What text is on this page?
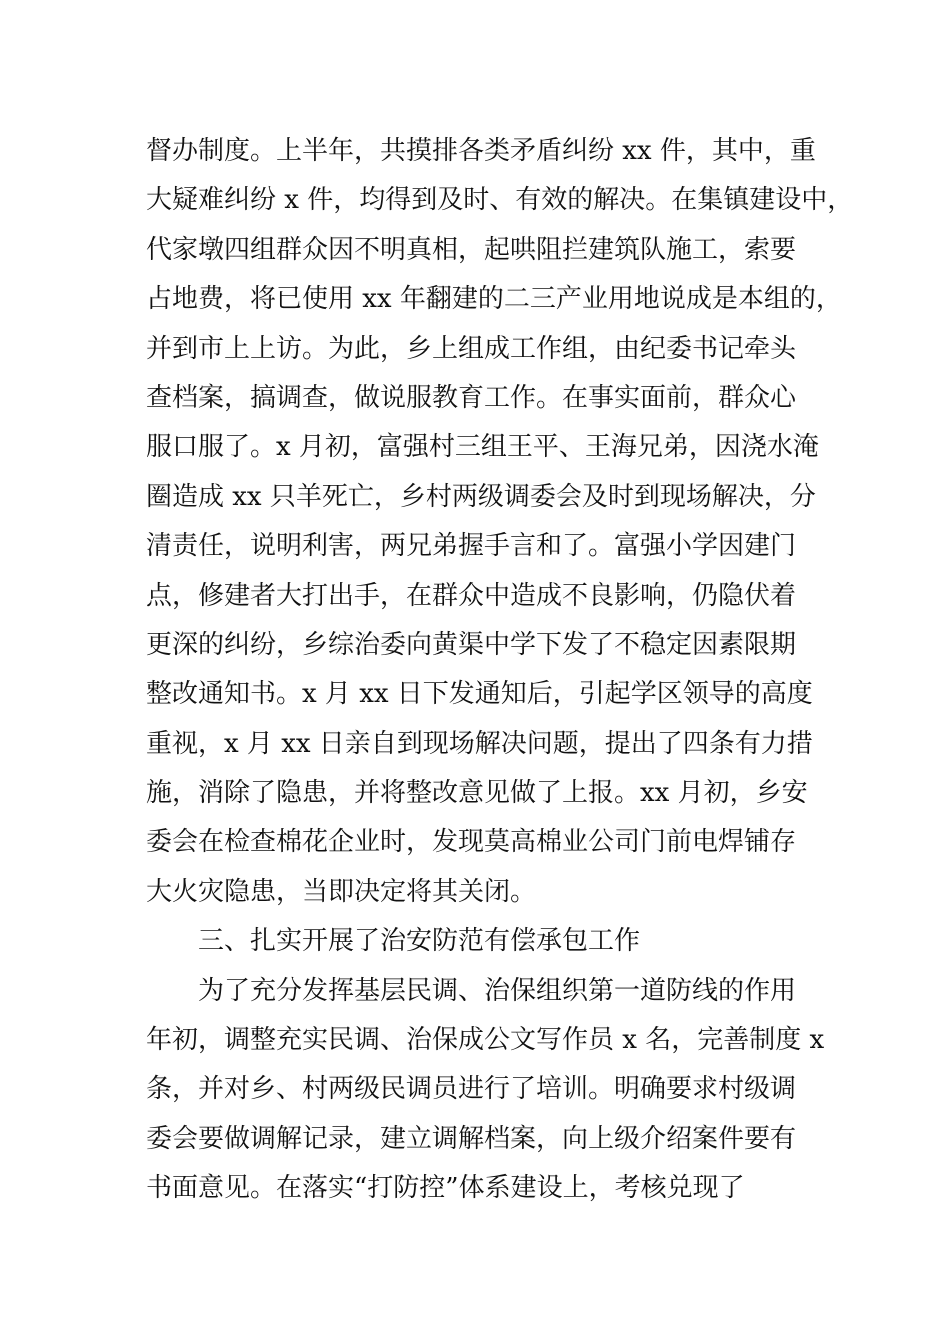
督办制度。上半年，共摸排各类矛盾纠纷 xx 件，其中，重
大疑难纠纷 x 件，均得到及时、有效的解决。在集镇建设中，
代家墩四组群众因不明真相，起哄阻拦建筑队施工，索要
占地费，将已使用 xx 年翻建的二三产业用地说成是本组的，
并到市上上访。为此，乡上组成工作组，由纪委书记牵头
查档案，搞调查，做说服教育工作。在事实面前，群众心
服口服了。x 月初，富强村三组王平、王海兄弟，因浇水淹
圈造成 xx 只羊死亡，乡村两级调委会及时到现场解决，分
清责任，说明利害，两兄弟握手言和了。富强小学因建门
点，修建者大打出手，在群众中造成不良影响，仍隐伏着
更深的纠纷，乡综治委向黄渠中学下发了不稳定因素限期
整改通知书。x 月 xx 日下发通知后，引起学区领导的高度
重视，x 月 xx 日亲自到现场解决问题，提出了四条有力措
施，消除了隐患，并将整改意见做了上报。xx 月初，乡安
委会在检查棉花企业时，发现莫高棉业公司门前电焊铺存
大火灾隐患，当即决定将其关闭。
三、扎实开展了治安防范有偿承包工作
为了充分发挥基层民调、治保组织第一道防线的作用
年初，调整充实民调、治保成公文写作员 x 名，完善制度 x
条，并对乡、村两级民调员进行了培训。明确要求村级调
委会要做调解记录，建立调解档案，向上级介绍案件要有
书面意见。在落实“打防控”体系建设上，考核兑现了
